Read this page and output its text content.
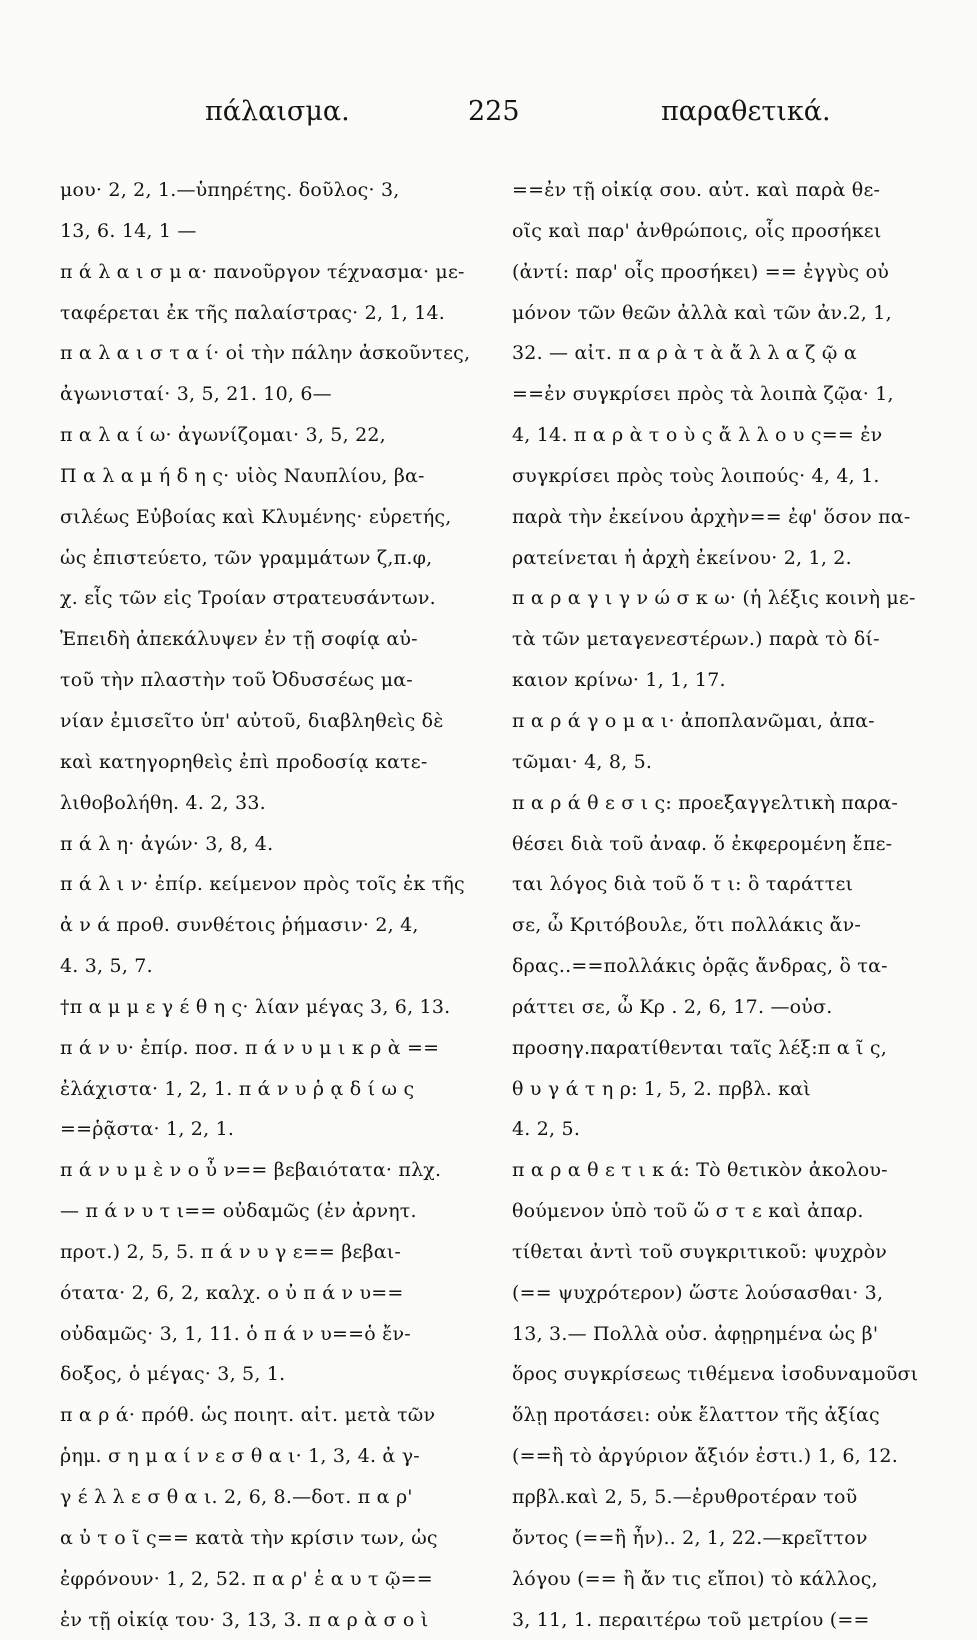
πάλαισμα.	225	παραθετικά.
μου· 2, 2, 1.—ὑπηρέτης. δοῦλος· 3,
13, 6. 14, 1 —
π ά λ α ι σ μ α· πανοῦργον τέχνασμα· με-
ταφέρεται ἐκ τῆς παλαίστρας· 2, 1, 14.
π α λ α ι σ τ α ί· οἱ τὴν πάλην ἀσκοῦντες,
ἀγωνισταί· 3, 5, 21. 10, 6—
π α λ α ί ω· ἀγωνίζομαι· 3, 5, 22,
Π α λ α μ ή δ η ς· υἱὸς Ναυπλίου, βα-
σιλέως Εὐβοίας καὶ Κλυμένης· εὑρετής,
ὡς ἐπιστεύετο, τῶν γραμμάτων ζ,π.φ,
χ. εἷς τῶν εἰς Τροίαν στρατευσάντων.
Ἐπειδὴ ἀπεκάλυψεν ἐν τῇ σοφίᾳ αὐ-
τοῦ τὴν πλαστὴν τοῦ Ὀδυσσέως μα-
νίαν ἐμισεῖτο ὑπ' αὐτοῦ, διαβληθεὶς δὲ
καὶ κατηγορηθεὶς ἐπὶ προδοσίᾳ κατε-
λιθοβολήθη. 4. 2, 33.
π ά λ η· ἀγών· 3, 8, 4.
π ά λ ι ν· ἐπίρ. κείμενον πρὸς τοῖς ἐκ τῆς
ἀ ν ά προθ. συνθέτοις ῥήμασιν· 2, 4,
4. 3, 5, 7.
†π α μ μ ε γ έ θ η ς· λίαν μέγας 3, 6, 13.
π ά ν υ· ἐπίρ. ποσ. π ά ν υ μ ι κ ρ ὰ ==
ἐλάχιστα· 1, 2, 1. π ά ν υ ῥ ᾳ δ ί ω ς
==ῥᾷστα· 1, 2, 1.
π ά ν υ μ ὲ ν ο ὖ ν== βεβαιότατα· πλχ.
— π ά ν υ τ ι== οὐδαμῶς (ἐν ἀρνητ.
προτ.) 2, 5, 5. π ά ν υ γ ε== βεβαι-
ότατα· 2, 6, 2, καλχ. ο ὐ π ά ν υ==
οὐδαμῶς· 3, 1, 11. ὁ π ά ν υ==ὁ ἔν-
δοξος, ὁ μέγας· 3, 5, 1.
π α ρ ά· πρόθ. ὡς ποιητ. αἰτ. μετὰ τῶν
ῥημ. σ η μ α ί ν ε σ θ α ι· 1, 3, 4. ἀ γ-
γ έ λ λ ε σ θ α ι. 2, 6, 8.—δοτ. π α ρ'
α ὐ τ ο ῖ ς== κατὰ τὴν κρίσιν των, ὡς
ἐφρόνουν· 1, 2, 52. π α ρ' ἑ α υ τ ῷ==
ἐν τῇ οἰκίᾳ του· 3, 13, 3. π α ρ ὰ σ ο ὶ
==ἐν τῇ οἰκίᾳ σου. αὐτ. καὶ παρὰ θε-
οῖς καὶ παρ' ἀνθρώποις, οἷς προσήκει
(ἀντί: παρ' οἷς προσήκει) == ἐγγὺς οὐ
μόνον τῶν θεῶν ἀλλὰ καὶ τῶν ἀν.2, 1,
32. — αἰτ. π α ρ ὰ τ ὰ ἄ λ λ α ζ ῷ α
==ἐν συγκρίσει πρὸς τὰ λοιπὰ ζῷα· 1,
4, 14. π α ρ ὰ τ ο ὺ ς ἄ λ λ ο υ ς== ἐν
συγκρίσει πρὸς τοὺς λοιπούς· 4, 4, 1.
παρὰ τὴν ἐκείνου ἀρχὴν== ἐφ' ὅσον πα-
ρατείνεται ἡ ἀρχὴ ἐκείνου· 2, 1, 2.
π α ρ α γ ι γ ν ώ σ κ ω· (ἡ λέξις κοινὴ με-
τὰ τῶν μεταγενεστέρων.) παρὰ τὸ δί-
καιον κρίνω· 1, 1, 17.
π α ρ ά γ ο μ α ι· ἀποπλανῶμαι, ἀπα-
τῶμαι· 4, 8, 5.
π α ρ ά θ ε σ ι ς: προεξαγγελτικὴ παρα-
θέσει διὰ τοῦ ἀναφ. ὅ ἐκφερομένη ἔπε-
ται λόγος διὰ τοῦ ὅ τ ι: ὃ ταράττει
σε, ὦ Κριτόβουλε, ὅτι πολλάκις ἄν-
δρας..==πολλάκις ὁρᾷς ἄνδρας, ὃ τα-
ράττει σε, ὦ Κρ . 2, 6, 17. —οὐσ.
προσηγ.παρατίθενται ταῖς λέξ:π α ῖ ς,
θ υ γ ά τ η ρ: 1, 5, 2. πρβλ. καὶ
4. 2, 5.
π α ρ α θ ε τ ι κ ά: Τὸ θετικὸν ἀκολου-
θούμενον ὑπὸ τοῦ ὥ σ τ ε καὶ ἀπαρ.
τίθεται ἀντὶ τοῦ συγκριτικοῦ: ψυχρὸν
(== ψυχρότερον) ὥστε λούσασθαι· 3,
13, 3.— Πολλὰ οὐσ. ἀφῃρημένα ὡς β'
ὅρος συγκρίσεως τιθέμενα ἰσοδυναμοῦσι
ὅλῃ προτάσει: οὐκ ἔλαττον τῆς ἀξίας
(==ἢ τὸ ἀργύριον ἄξιόν ἐστι.) 1, 6, 12.
πρβλ.καὶ 2, 5, 5.—ἐρυθροτέραν τοῦ
ὄντος (==ἢ ἦν).. 2, 1, 22.—κρεῖττον
λόγου (== ἢ ἄν τις εἴποι) τὸ κάλλος,
3, 11, 1. περαιτέρω τοῦ μετρίου (==
